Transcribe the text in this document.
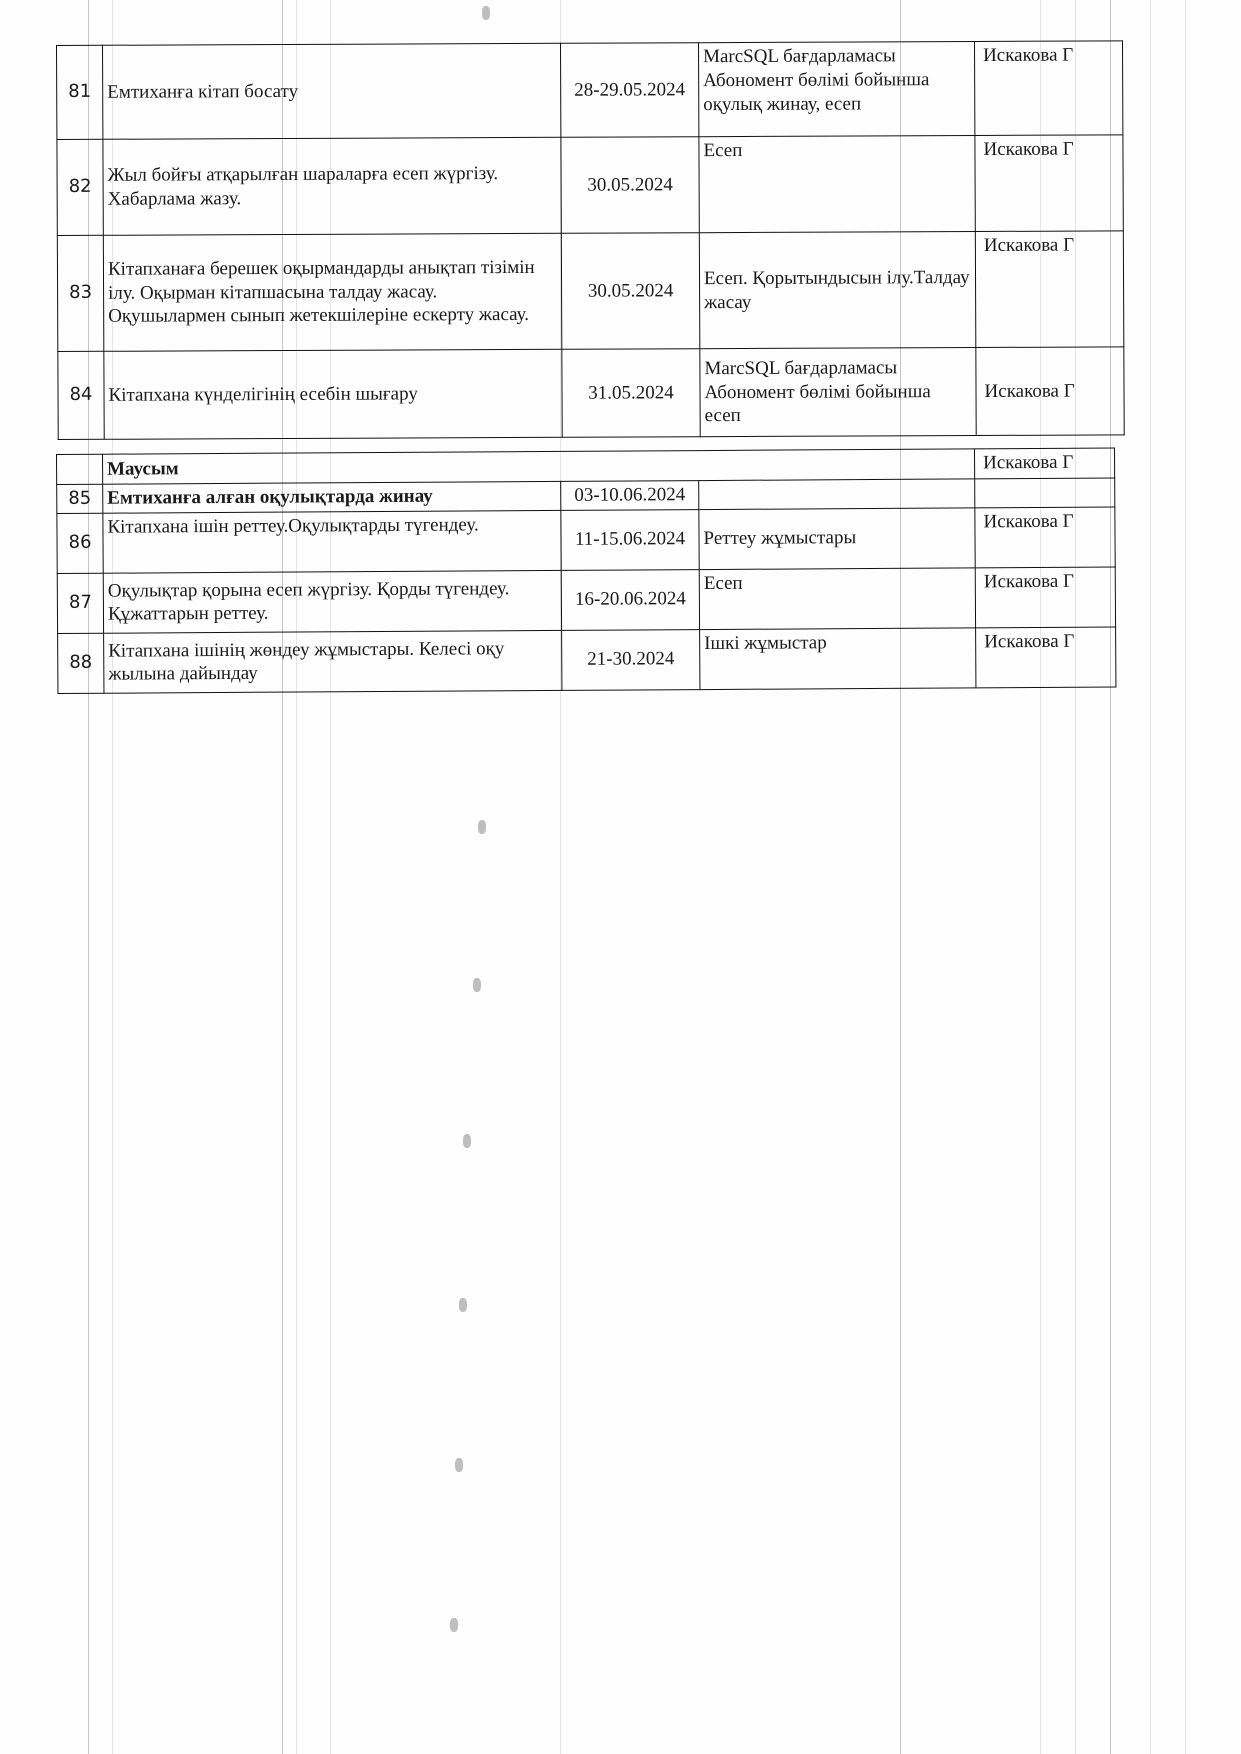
81	Емтиханға кітап босату	28-29.05.2024	MarcSQL бағдарламасы Абономент бөлімі бойынша оқулық жинау, есеп	Искакова Г
82	Жыл бойғы атқарылған шараларға есеп жүргізу. Хабарлама жазу.	30.05.2024	Есеп	Искакова Г
83	Кітапханаға берешек оқырмандарды анықтап тізімін ілу. Оқырман кітапшасына талдау жасау. Оқушылармен сынып жетекшілеріне ескерту жасау.	30.05.2024	Есеп. Қорытындысын ілу.Талдау жасау	Искакова Г
84	Кітапхана күнделігінің есебін шығару	31.05.2024	MarcSQL бағдарламасы Абономент бөлімі бойынша есеп	Искакова Г
	Маусым			Искакова Г
85	Емтиханға алған оқулықтарда жинау	03-10.06.2024		
86	Кітапхана ішін реттеу.Оқулықтарды түгендеу.	11-15.06.2024	Реттеу жұмыстары	Искакова Г
87	Оқулықтар қорына есеп жүргізу. Қорды түгендеу. Құжаттарын реттеу.	16-20.06.2024	Есеп	Искакова Г
88	Кітапхана ішінің жөндеу жұмыстары. Келесі оқу жылына дайындау	21-30.2024	Ішкі жұмыстар	Искакова Г
